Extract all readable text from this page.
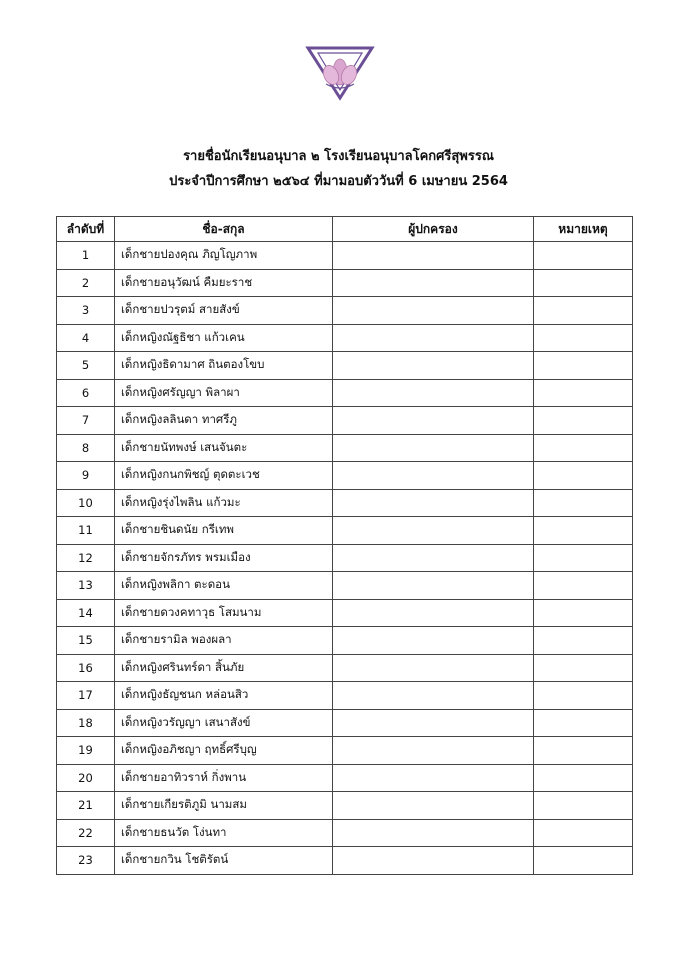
รายชื่อนักเรียนอนุบาล ๒ โรงเรียนอนุบาลโคกศรีสุพรรณ
ประจำปีการศึกษา ๒๕๖๔ ที่มามอบตัววันที่ 6 เมษายน 2564
ลำดับที่	ชื่อ-สกุล	ผู้ปกครอง	หมายเหตุ
1	เด็กชายปองคุณ ภิญโญภาพ		
2	เด็กชายอนุวัฒน์ คืมยะราช		
3	เด็กชายปวรุตม์ สายสังข์		
4	เด็กหญิงณัฐธิชา แก้วเคน		
5	เด็กหญิงธิดามาศ ถินตองโขบ		
6	เด็กหญิงศรัญญา พิลาผา		
7	เด็กหญิงลลินดา ทาศรีภู		
8	เด็กชายนัทพงษ์ เสนจันตะ		
9	เด็กหญิงกนกพิชญ์ ตุดตะเวช		
10	เด็กหญิงรุ่งไพลิน แก้วมะ		
11	เด็กชายชินดนัย กรีเทพ		
12	เด็กชายจักรภัทร พรมเมือง		
13	เด็กหญิงพลิกา ตะดอน		
14	เด็กชายดวงคทาวุธ โสมนาม		
15	เด็กชายรามิล พองผลา		
16	เด็กหญิงศรินทร์ดา สิ้นภัย		
17	เด็กหญิงธัญชนก หล่อนสิว		
18	เด็กหญิงวรัญญา เสนาสังข์		
19	เด็กหญิงอภิชญา ฤทธิ์ศรีบุญ		
20	เด็กชายอาทิวราห์ กิ่งพาน		
21	เด็กชายเกียรติภูมิ นามสม		
22	เด็กชายธนวัต โง่นทา		
23	เด็กชายกวิน โชติรัตน์		
